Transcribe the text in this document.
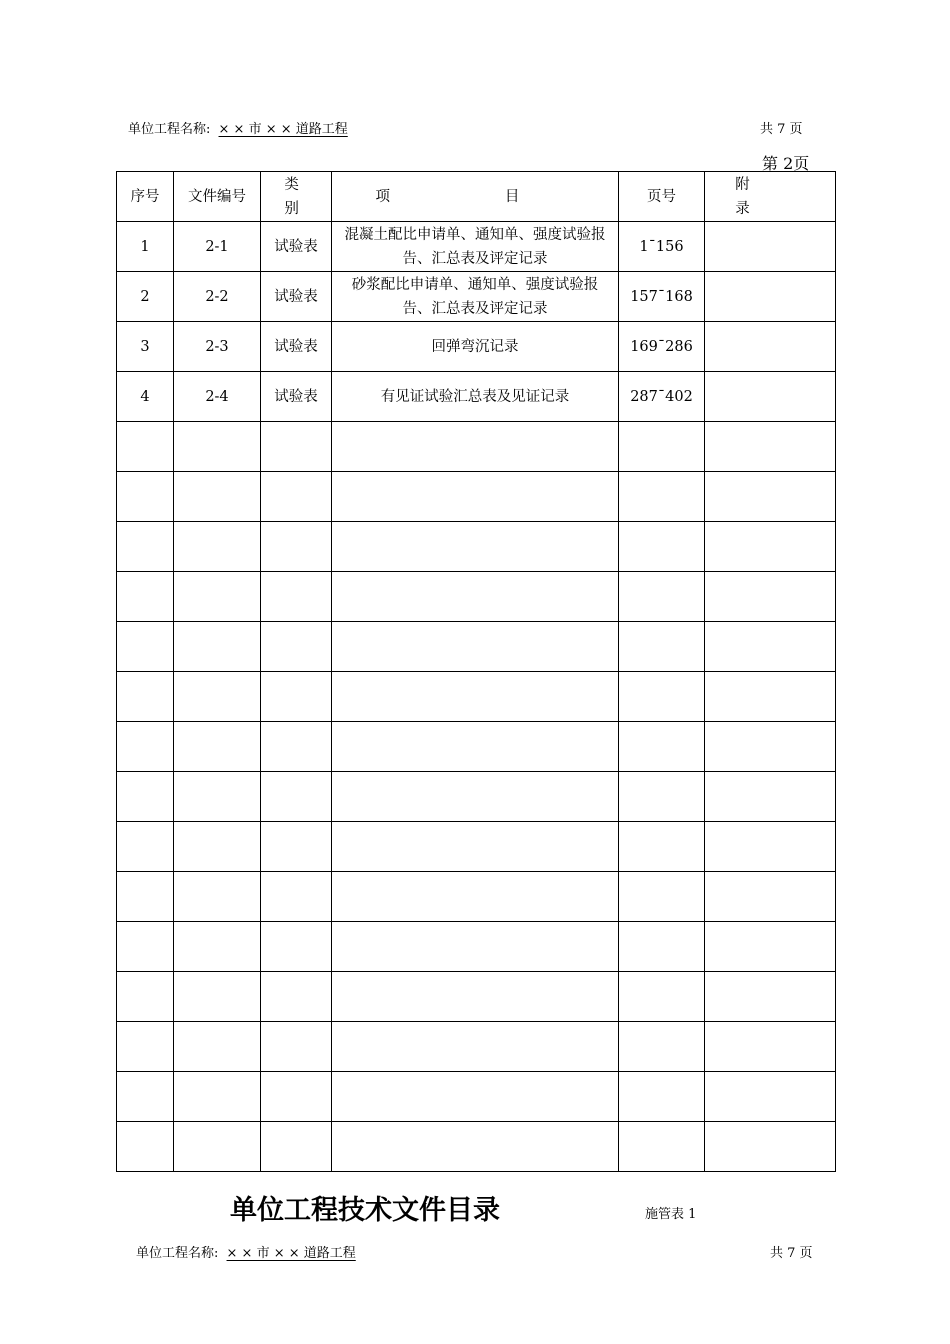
单位工程名称: × × 市 × × 道路工程	共 7 页
第 2页
序号	文件编号	类 别	项 目	页号	附 录
1	2-1	试验表	混凝土配比申请单、通知单、强度试验报告、汇总表及评定记录	1¯156	
2	2-2	试验表	砂浆配比申请单、通知单、强度试验报告、汇总表及评定记录	157¯168	
3	2-3	试验表	回弹弯沉记录	169¯286	
4	2-4	试验表	有见证试验汇总表及见证记录	287¯402	

单位工程技术文件目录	施管表 1
单位工程名称: × × 市 × × 道路工程	共 7 页
